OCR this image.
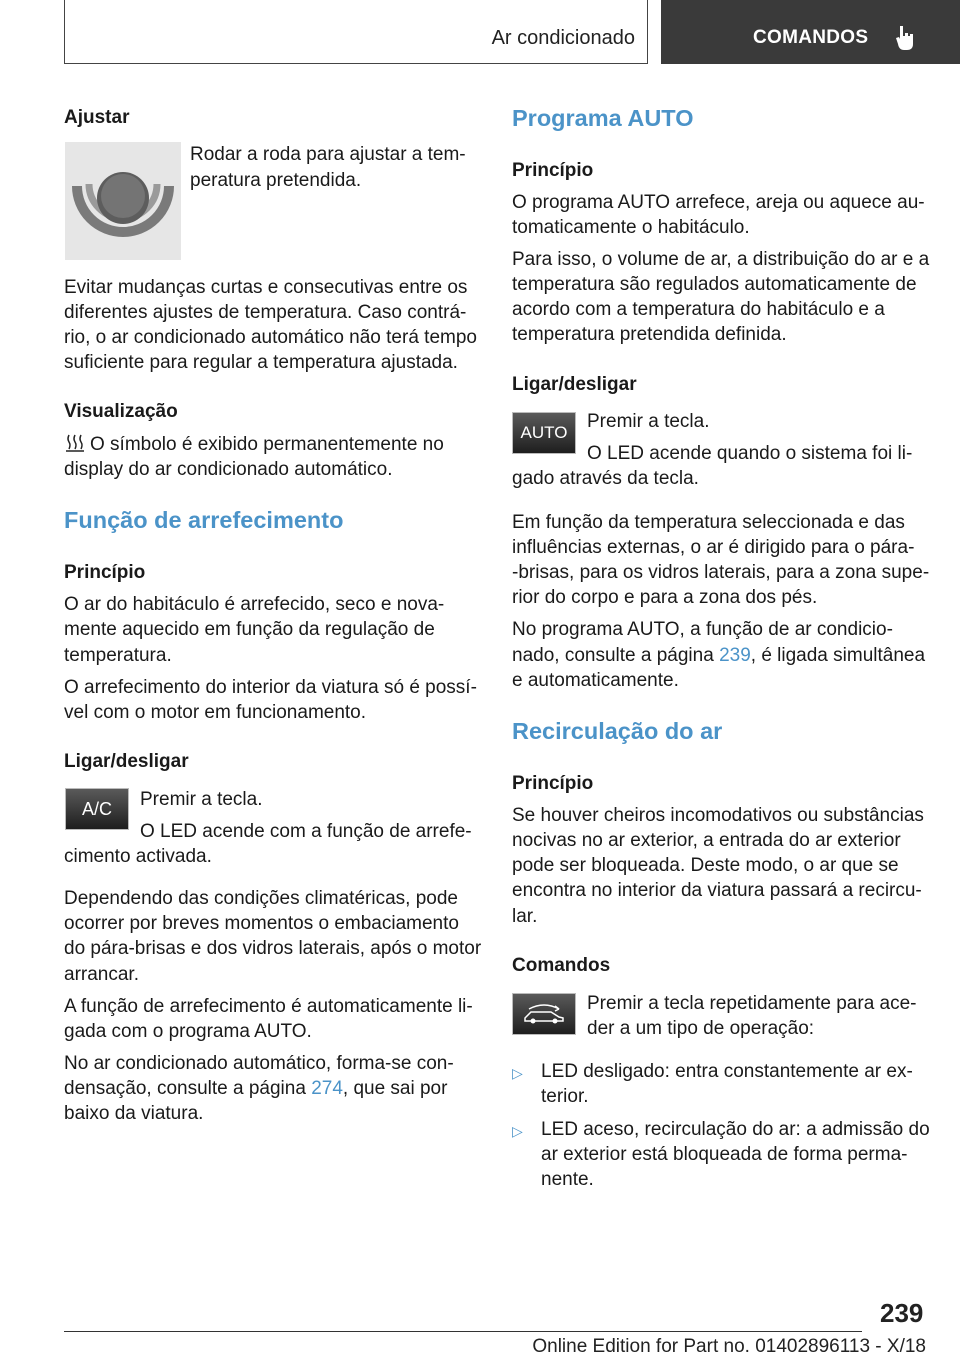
Ar condicionado	COMANDOS

Ajustar

Rodar a roda para ajustar a tem-

peratura pretendida.

Evitar mudanças curtas e consecutivas entre os

diferentes ajustes de temperatura. Caso contrá-

rio, o ar condicionado automático não terá tempo

suficiente para regular a temperatura ajustada.

Visualização

O símbolo é exibido permanentemente no

display do ar condicionado automático.

Função de arrefecimento

Princípio

O ar do habitáculo é arrefecido, seco e nova-

mente aquecido em função da regulação de

temperatura.

O arrefecimento do interior da viatura só é possí-

vel com o motor em funcionamento.

Ligar/desligar

A/C	Premir a tecla.

O LED acende com a função de arrefe-

cimento activada.

Dependendo das condições climatéricas, pode

ocorrer por breves momentos o embaciamento

do pára-brisas e dos vidros laterais, após o motor

arrancar.

A função de arrefecimento é automaticamente li-

gada com o programa AUTO.

No ar condicionado automático, forma-se con-

densação, consulte a página 274, que sai por

baixo da viatura.

Programa AUTO

Princípio

O programa AUTO arrefece, areja ou aquece au-

tomaticamente o habitáculo.

Para isso, o volume de ar, a distribuição do ar e a

temperatura são regulados automaticamente de

acordo com a temperatura do habitáculo e a

temperatura pretendida definida.

Ligar/desligar

AUTO

Premir a tecla.

O LED acende quando o sistema foi li-

gado através da tecla.

Em função da temperatura seleccionada e das

influências externas, o ar é dirigido para o pára-

-brisas, para os vidros laterais, para a zona supe-

rior do corpo e para a zona dos pés.

No programa AUTO, a função de ar condicio-

nado, consulte a página 239, é ligada simultânea

e automaticamente.

Recirculação do ar

Princípio

Se houver cheiros incomodativos ou substâncias

nocivas no ar exterior, a entrada do ar exterior

pode ser bloqueada. Deste modo, o ar que se

encontra no interior da viatura passará a recircu-

lar.

Comandos

Premir a tecla repetidamente para ace-

der a um tipo de operação:

▷ LED desligado: entra constantemente ar ex-

terior.

▷ LED aceso, recirculação do ar: a admissão do

ar exterior está bloqueada de forma perma-

nente.

239
Online Edition for Part no. 01402896113 - X/18
